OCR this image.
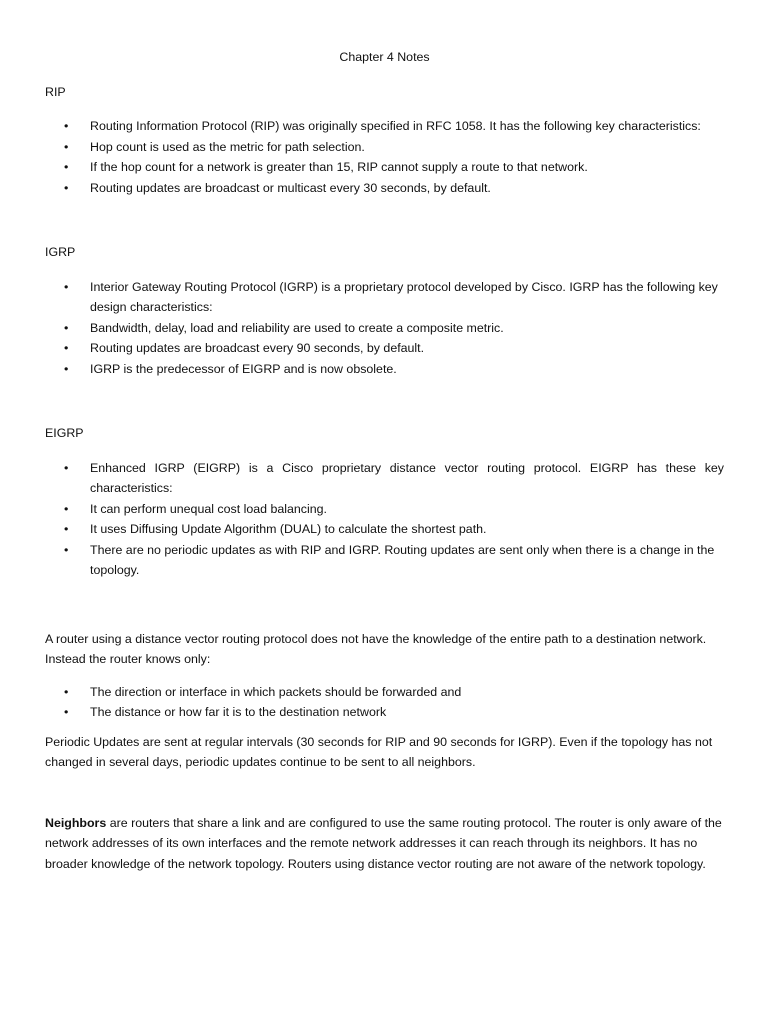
Chapter 4 Notes
RIP
• Routing Information Protocol (RIP) was originally specified in RFC 1058. It has the following key characteristics:
• Hop count is used as the metric for path selection.
• If the hop count for a network is greater than 15, RIP cannot supply a route to that network.
• Routing updates are broadcast or multicast every 30 seconds, by default.
IGRP
• Interior Gateway Routing Protocol (IGRP) is a proprietary protocol developed by Cisco. IGRP has the following key design characteristics:
• Bandwidth, delay, load and reliability are used to create a composite metric.
• Routing updates are broadcast every 90 seconds, by default.
• IGRP is the predecessor of EIGRP and is now obsolete.
EIGRP
• Enhanced IGRP (EIGRP) is a Cisco proprietary distance vector routing protocol. EIGRP has these key characteristics:
• It can perform unequal cost load balancing.
• It uses Diffusing Update Algorithm (DUAL) to calculate the shortest path.
• There are no periodic updates as with RIP and IGRP. Routing updates are sent only when there is a change in the topology.

A router using a distance vector routing protocol does not have the knowledge of the entire path to a destination network. Instead the router knows only:

• The direction or interface in which packets should be forwarded and
• The distance or how far it is to the destination network

Periodic Updates are sent at regular intervals (30 seconds for RIP and 90 seconds for IGRP). Even if the topology has not changed in several days, periodic updates continue to be sent to all neighbors.

Neighbors are routers that share a link and are configured to use the same routing protocol. The router is only aware of the network addresses of its own interfaces and the remote network addresses it can reach through its neighbors. It has no broader knowledge of the network topology. Routers using distance vector routing are not aware of the network topology.
